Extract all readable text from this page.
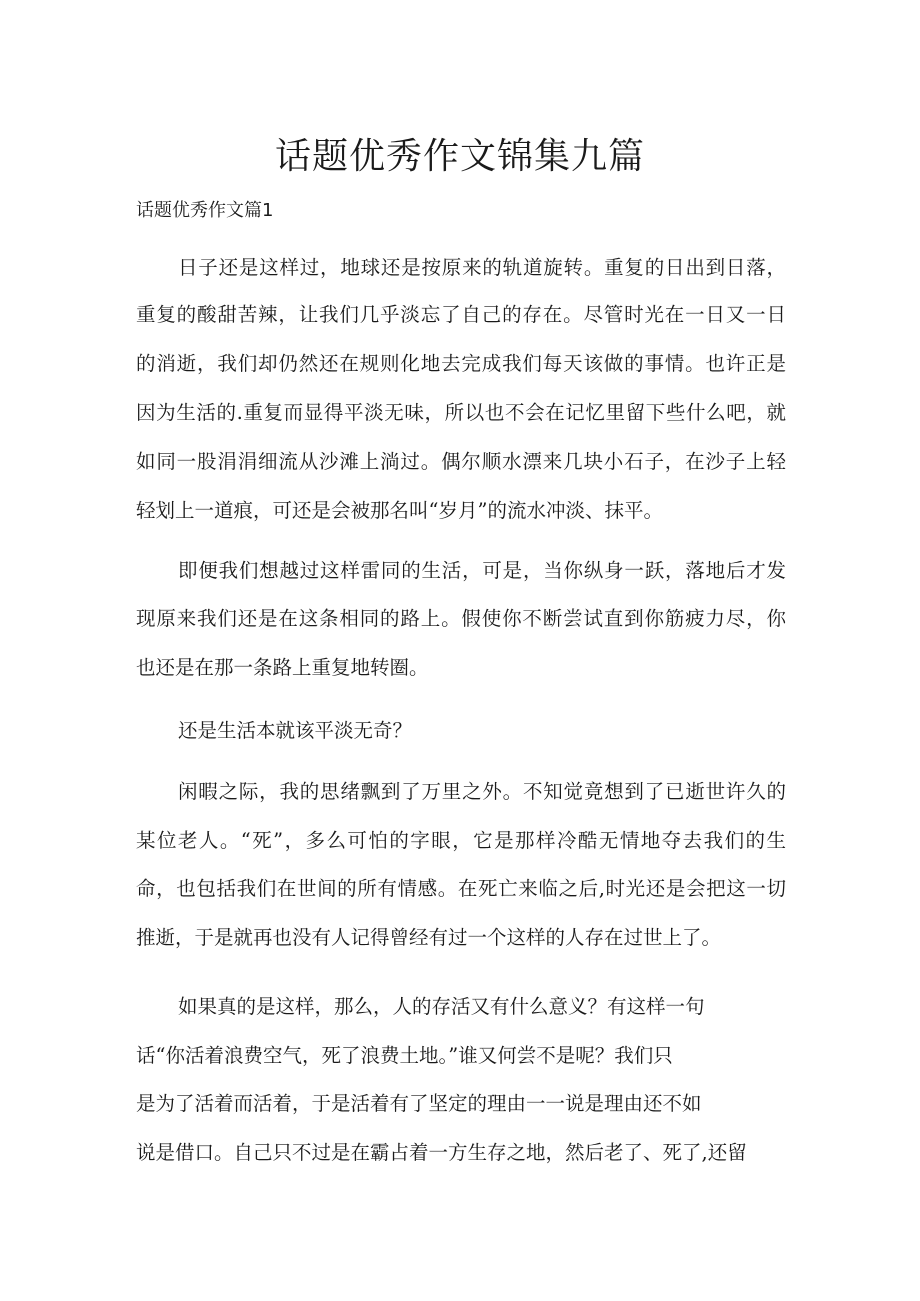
话题优秀作文锦集九篇
话题优秀作文篇1
日子还是这样过，地球还是按原来的轨道旋转。重复的日出到日落，
重复的酸甜苦辣，让我们几乎淡忘了自己的存在。尽管时光在一日又一日
的消逝，我们却仍然还在规则化地去完成我们每天该做的事情。也许正是
因为生活的.重复而显得平淡无味，所以也不会在记忆里留下些什么吧，就
如同一股涓涓细流从沙滩上淌过。偶尔顺水漂来几块小石子，在沙子上轻
轻划上一道痕，可还是会被那名叫“岁月”的流水冲淡、抹平。
即便我们想越过这样雷同的生活，可是，当你纵身一跃，落地后才发
现原来我们还是在这条相同的路上。假使你不断尝试直到你筋疲力尽，你
也还是在那一条路上重复地转圈。
还是生活本就该平淡无奇？
闲暇之际，我的思绪飘到了万里之外。不知觉竟想到了已逝世许久的
某位老人。“死”，多么可怕的字眼，它是那样冷酷无情地夺去我们的生
命，也包括我们在世间的所有情感。在死亡来临之后,时光还是会把这一切
推逝，于是就再也没有人记得曾经有过一个这样的人存在过世上了。
如果真的是这样，那么，人的存活又有什么意义？有这样一句
话“你活着浪费空气，死了浪费土地。”谁又何尝不是呢？我们只
是为了活着而活着，于是活着有了坚定的理由一一说是理由还不如
说是借口。自己只不过是在霸占着一方生存之地，然后老了、死了,还留
